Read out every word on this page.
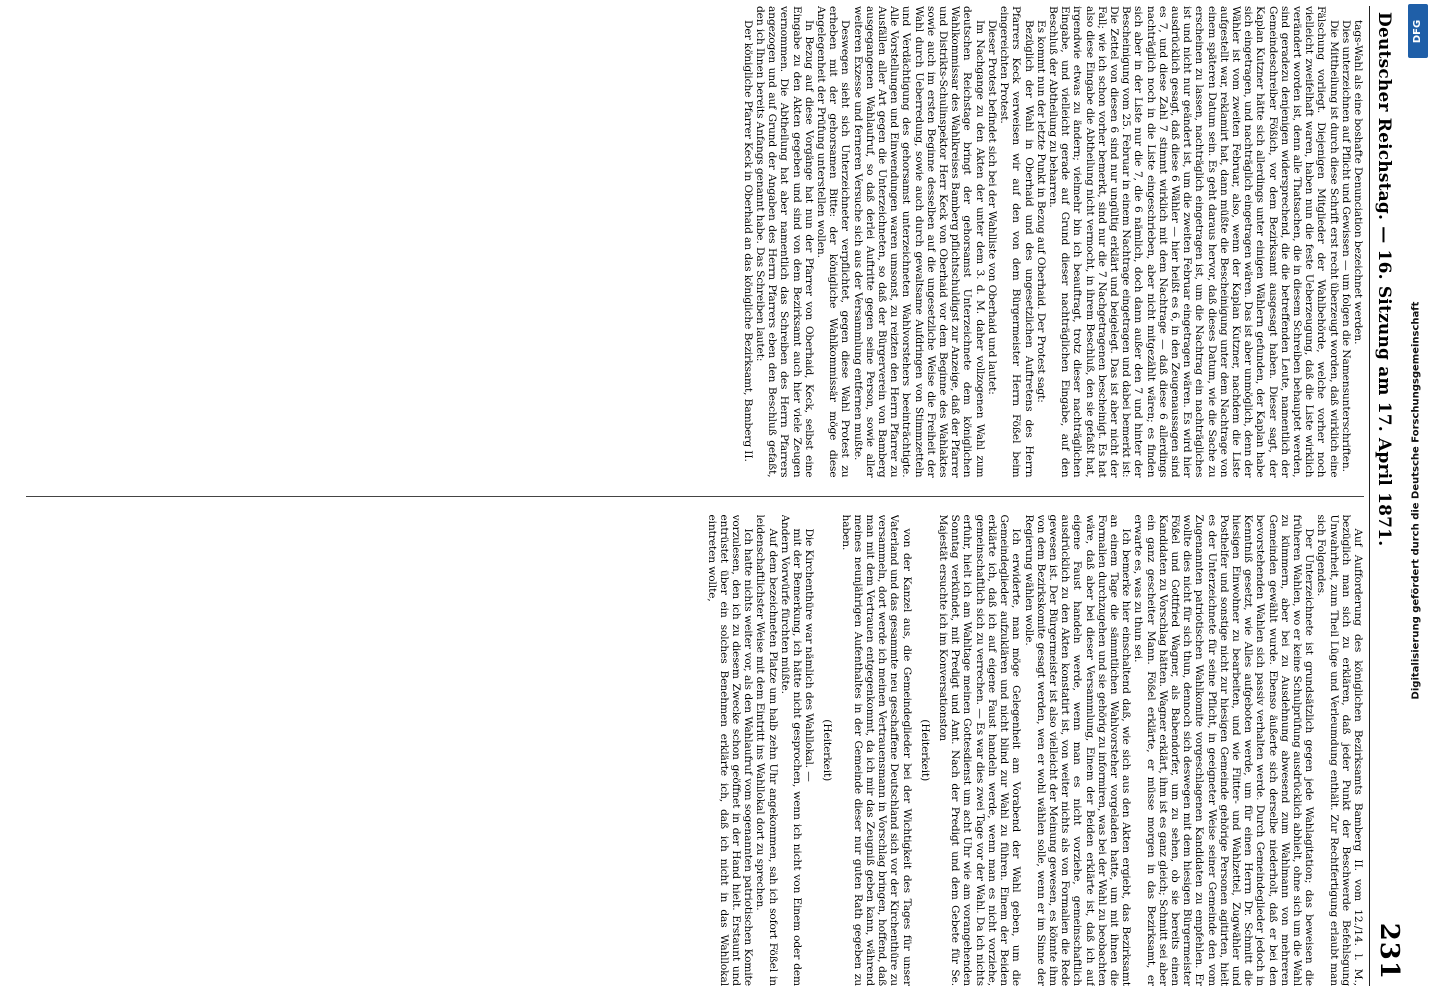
Deutscher Reichstag. — 16. Sitzung am 17. April 1871.
231

tags-Wahl als eine boshafte Denunciation bezeichnet werden.

Dies unterzeichnen auf Pflicht und Gewissen — um folgen die Namensunterschriften.

Die Mittheilung ist durch diese Schrift erst recht überzeugt worden, daß wirklich eine Fälschung vorliegt. Diejenigen Mitglieder der Wahlbehörde, welche vorher noch vielleicht zweifelhaft waren, haben nun die feste Ueberzeugung, daß die Liste wirklich verändert worden ist, denn alle Thatsachen, die in diesem Schreiben behauptet werden, sind geradezu denjenigen widersprechend, die die betreffenden Leute, namentlich der Gemeindeschreiber Fößich, vor dem Bezirksamt ausgesagt haben. Dieser sagt, der Kaplan Kutzner hätte sich allerdings unter einigen Wählern gefunden, der Kaplan habe sich eingetragen, und nachträglich eingetragen wären. Das ist aber unmöglich, denn der Wähler ist vom zweiten Februar, also, wenn der Kaplan Kutzner, nachdem die Liste aufgestellt war, reklamirt hat, dann müßte die Bescheinigung unter dem Nachtrage von einem späteren Datum sein. Es geht daraus hervor, daß dieses Datum, wie die Sache zu erscheinen zu lassen, nachträglich eingetragen ist, um die Nachtrag ein nachträgliches ist und nicht nur geändert ist, um die zweiten Februar eingetragen wären. Es wird hier ausdrücklich gesagt, daß diese 6 Wähler — hier heißt es 6, in den Zeugenaussagen sind es 7, und diese Zahl 7 stimmt wirklich mit dem Nachtrage — daß diese 6 allerdings nachträglich noch in die Liste eingeschrieben, aber nicht mitgezählt wären; es finden sich aber in der Liste nur die 7, die 6 nämlich, doch dann außer den 7 und hinter der Bescheinigung vom 25. Februar in einem Nachtrage eingetragen und dabei bemerkt ist: Die Zettel von diesen 6 sind nur ungültig erklärt und beigelegt. Das ist aber nicht der Fall; wie ich schon vorher bemerkt, sind nur die 7 Nachgetragenen bescheinigt. Es hat also diese Eingabe die Abtheilung nicht vermocht, in ihrem Beschluß, den sie gefaßt hat, irgendwie etwas zu ändern; vielmehr bin ich beauftragt, trotz dieser nachträglichen Eingabe, und vielleicht gerade auf Grund dieser nachträglichen Eingabe, auf den Beschluß der Abtheilung zu beharren.

Es kommt nun der letzte Punkt in Bezug auf Oberhaid. Der Protest sagt:

Bezüglich der Wahl in Oberhaid und des ungesetzlichen Auftretens des Herrn Pfarrers Keck verweisen wir auf den von dem Bürgermeister Herrn Fößel beim eingereichten Protest.

Dieser Protest befindet sich bei der Wahlliste von Oberhaid und lautet:

Im Nachgange zu den Akten der unter dem 3. d. M. daher vollzogenen Wahl zum deutschen Reichstage bringt der gehorsamst Unterzeichnete dem königlichen Wahlkommissar des Wahlkreises Bamberg pflichtschuldigst zur Anzeige, daß der Pfarrer und Distrikts-Schulinspektor Herr Keck von Oberhaid vor dem Beginne des Wahlaktes sowie auch im ersten Beginne desselben auf die ungesetzliche Weise die Freiheit der Wahl durch Ueberredung, sowie auch durch gewaltsame Aufdringen von Stimmzetteln und Verdächtigung des gehorsamst unterzeichneten Wahlvorstehers beeinträchtigte. Alle Vorstellungen und Einwendungen waren umsonst, zu reizten den Herrn Pfarrer zu Ausfällen aller Art gegen die Unterzeichneten, so daß der Bürgerverein von Bamberg ausgegangenen Wahlaufruf, so daß derlei Auftritte gegen seine Person, sowie aller weiteren Exzesse und ferneren Versuche sich aus der Versammlung entfernen mußte.

Deswegen sieht sich Unterzeichneter verpflichtet, gegen diese Wahl Protest zu erheben mit der gehorsamen Bitte: der königliche Wahlkommissär möge diese Angelegenheit der Prüfung unterstellen wollen.

In Bezug auf diese Vorgänge hat nun der Pfarrer von Oberhaid, Keck, selbst eine Eingabe zu den Akten gegeben und sind von dem Bezirksamt auch hier viele Zeugen vernommen. Die Abtheilung hat aber namentlich das Schreiben des Herrn Pfarrers angezogen und auf Grund der Angaben des Herrn Pfarrers eben den Beschluß gefaßt, den ich Ihnen bereits Anfangs genannt habe. Das Schreiben lautet:

Der königliche Pfarrer Keck in Oberhaid an das königliche Bezirksamt, Bamberg II.

Auf Aufforderung des königlichen Bezirksamts Bamberg II. vom 12./14. l. M., bezüglich man sich zu erklären, daß jeder Punkt der Beschwerde Befehlsgung Unwahrheit, zum Theil Lüge und Verleumdung enthält. Zur Rechtfertigung erlaubt man sich Folgendes.

Der Unterzeichnete ist grundsätzlich gegen jede Wahlagitation; das beweisen die früheren Wahlen, wo er keine Schulprüfung ausdrücklich abhielt, ohne sich um die Wahl zu kümmern, aber bei zu Ausdehnung abwesend zum Wahlmann von mehreren Gemeinden gewählt wurde. Ebenso äußerte sich derselbe niederholt, daß er bei den bevorstehenden Wahlen sich passiv verhalten werde. Durch Gemeindeglieder jedoch in Kenntniß gesetzt, wie Alles aufgeboten werde, um für einen Herrn Dr. Schmitt die hiesigen Einwohner zu bearbeiten, und wie Flitter- und Wahlzettel, Zugwähler und Posthelfer und sonstige nicht zur hiesigen Gemeinde gehörige Personen agitirten, hielt es der Unterzeichnete für seine Pflicht, in geeigneter Weise seiner Gemeinde den vom Zugenannten patriotischen Wahlkomite vorgeschlagenen Kandidaten zu empfehlen. Er wollte dies nicht für sich thun, dennoch sich deswegen mit dem hiesigen Bürgermeister Fößel und Gottfried Wagner, als Babendorfer, um zu sehen, ob sie bereits einen Kandidaten zu Vorschlag hätten. Wagner erklärt, ihm ist es ganz gleich; Schmitt sei aber ein ganz gescheiter Mann. Fößel erklärte, er müsse morgen in das Bezirksamt, er erwarte es, was zu thun sei.

Ich bemerke hier einschaltend daß, wie sich aus den Akten ergiebt, das Bezirksamt an einem Tage die sämmtlichen Wahlvorsteher vorgeladen hatte, um mit ihnen die Formalien durchzugehen und sie gehörig zu informiren, was bei der Wahl zu beobachten wäre, daß aber bei dieser Versammlung, Einem der Beiden erklärte ist, daß ich auf eigene Faust handeln werde, wenn man es nicht vorziehe, gemeinschaftlich ausdrücklich zu den Akten konstatirt ist, von weiter nichts als von Formalien die Rede gewesen ist. Der Bürgermeister ist also vielleicht der Meinung gewesen, es könnte ihm von dem Bezirkskomite gesagt werden, wen er wohl wählen solle, wenn er im Sinne der Regierung wählen wolle.

Ich erwiderte, man möge Gelegenheit am Vorabend der Wahl geben, um die Gemeindeglieder aufzuklären und nicht blind zur Wahl zu führen. Einem der Beiden erklärte ich, daß ich auf eigene Faust handeln werde, wenn man es nicht vorziehe, gemeinschaftlich sich zu verrechen. — Es war dies zwei Tage vor der Wahl. Da ich nichts erfuhr, hielt ich am Wahltage meinen Gottesdienst um acht Uhr wie am vorangehenden Sonntag verkündet, mit Predigt und Amt. Nach der Predigt und dem Gebete für Se. Majestät ersuchte ich im Konversationston

(Heiterkeit)

von der Kanzel aus, die Gemeindeglieder bei der Wichtigkeit des Tages für unser Vaterland und das gesammte neu geschaffene Deutschland sich vor der Kirchenthüre zu versammeln, dort werde ich meinen Vertrauensmann in Vorschlag bringen, hoffend, daß man mit dem Vertrauen entgegenkommt, da ich mir das Zeugniß geben kann, während meines neunjährigen Aufenthaltes in der Gemeinde dieser nur guten Rath gegeben zu haben.

(Heiterkeit)

Die Kirchenthüre war nämlich des Wahllokal. —

mit der Bemerkung, ich hätte nicht gesprochen, wenn ich nicht von Einem oder dem Andern Vorwürfe fürchten müßte.

Auf dem bezeichneten Platze um halb zehn Uhr angekommen, sah ich sofort Fößel in leidenschaftlichster Weise mit dem Eintritt ins Wahllokal dort zu sprechen.

Ich hatte nichts weiter vor, als den Wahlaufruf vom sogenannten patriotischen Komite vorzulesen, den ich zu diesem Zwecke schon geöffnet in der Hand hielt. Erstaunt und entrüstet über ein solches Benehmen erklärte ich, daß ich nicht in das Wahllokal eintreten wollte,

DFG
Digitalisierung gefördert durch die Deutsche Forschungsgemeinschaft
